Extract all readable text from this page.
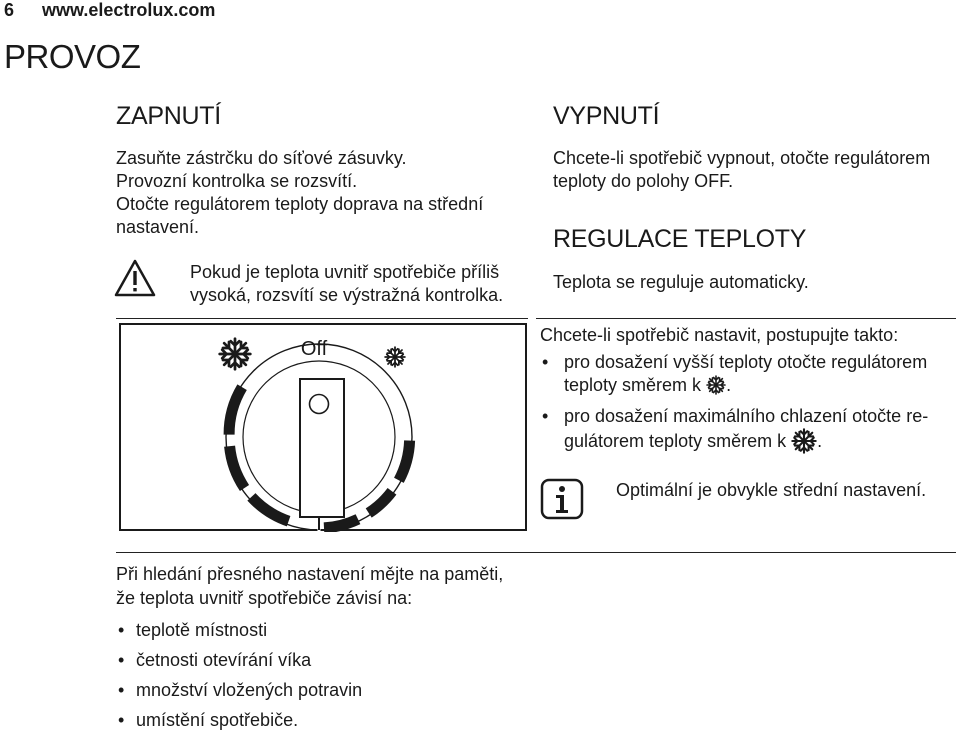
6 www.electrolux.com
PROVOZ
ZAPNUTÍ

Zasuňte zástrčku do síťové zásuvky.

Provozní kontrolka se rozsvítí.

Otočte regulátorem teploty doprava na střední

nastavení.

Pokud je teplota uvnitř spotřebiče příliš

vysoká, rozsvítí se výstražná kontrolka.

Off
VYPNUTÍ

Chcete-li spotřebič vypnout, otočte regulátorem

teploty do polohy OFF.

REGULACE TEPLOTY
Teplota se reguluje automaticky.
Chcete-li spotřebič nastavit, postupujte takto:
• pro dosažení vyšší teploty otočte regulátorem
teploty směrem k .
• pro dosažení maximálního chlazení otočte re-
gulátorem teploty směrem k .
Optimální je obvykle střední nastavení.

Při hledání přesného nastavení mějte na paměti,

že teplota uvnitř spotřebiče závisí na:

• teplotě místnosti
• četnosti otevírání víka
• množství vložených potravin
• umístění spotřebiče.
